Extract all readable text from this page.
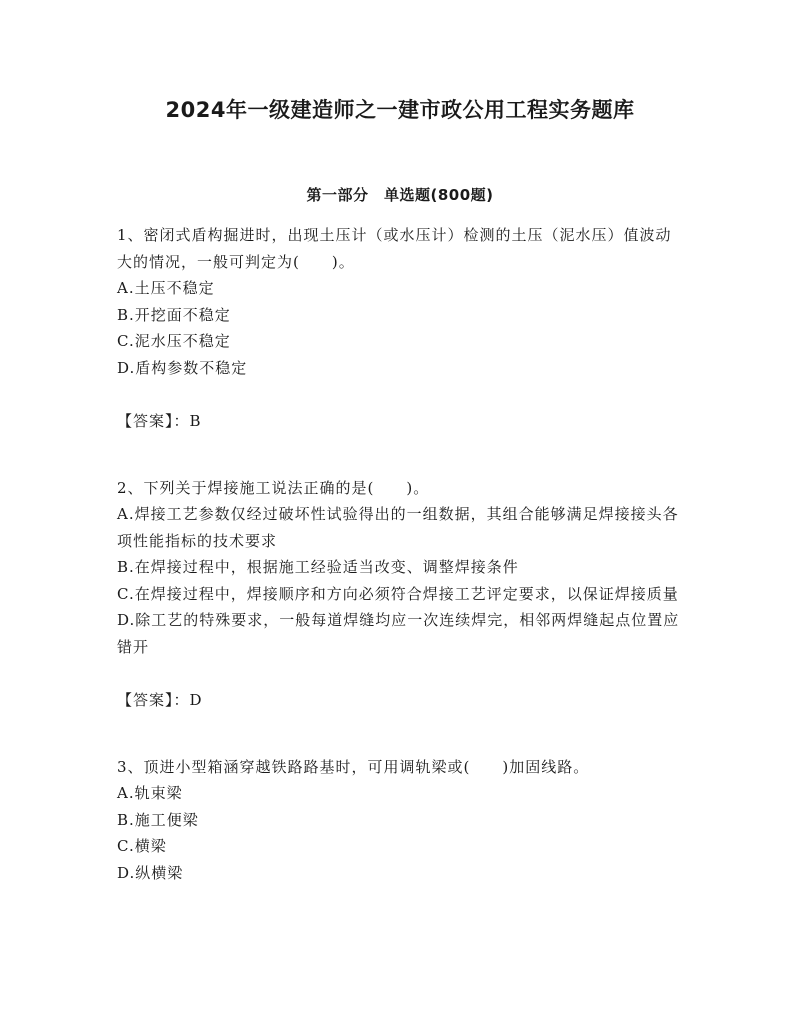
2024年一级建造师之一建市政公用工程实务题库
第一部分　单选题(800题)
1、密闭式盾构掘进时，出现土压计（或水压计）检测的土压（泥水压）值波动大的情况，一般可判定为(　　)。
A.土压不稳定
B.开挖面不稳定
C.泥水压不稳定
D.盾构参数不稳定
【答案】：B
2、下列关于焊接施工说法正确的是(　　)。
A.焊接工艺参数仅经过破坏性试验得出的一组数据，其组合能够满足焊接接头各项性能指标的技术要求
B.在焊接过程中，根据施工经验适当改变、调整焊接条件
C.在焊接过程中，焊接顺序和方向必须符合焊接工艺评定要求，以保证焊接质量
D.除工艺的特殊要求，一般每道焊缝均应一次连续焊完，相邻两焊缝起点位置应错开
【答案】：D
3、顶进小型箱涵穿越铁路路基时，可用调轨梁或(　　)加固线路。
A.轨束梁
B.施工便梁
C.横梁
D.纵横梁
